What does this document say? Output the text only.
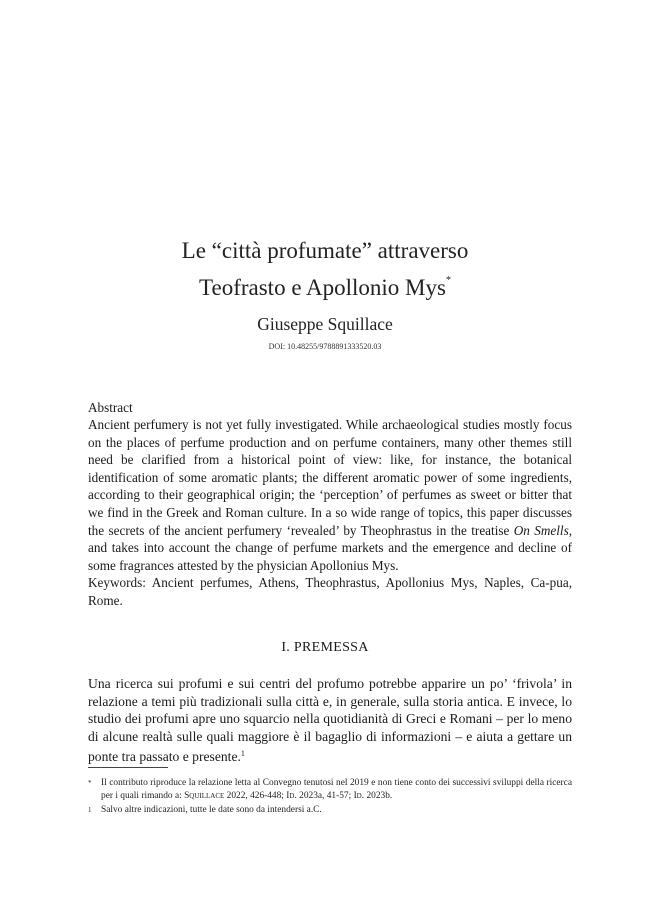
Le “città profumate” attraverso
Teofrasto e Apollonio Mys*
Giuseppe Squillace
DOI: 10.48255/9788891333520.03
Abstract
Ancient perfumery is not yet fully investigated. While archaeological studies mostly focus on the places of perfume production and on perfume containers, many other themes still need be clarified from a historical point of view: like, for instance, the botanical identification of some aromatic plants; the different aromatic power of some ingredients, according to their geographical origin; the ‘perception’ of perfumes as sweet or bitter that we find in the Greek and Roman culture. In a so wide range of topics, this paper discusses the secrets of the ancient perfumery ‘revealed’ by Theophrastus in the treatise On Smells, and takes into account the change of perfume markets and the emergence and decline of some fragrances attested by the physician Apollonius Mys.
Keywords: Ancient perfumes, Athens, Theophrastus, Apollonius Mys, Naples, Ca-pua, Rome.
I. PREMESSA
Una ricerca sui profumi e sui centri del profumo potrebbe apparire un po’ ‘frivola’ in relazione a temi più tradizionali sulla città e, in generale, sulla storia antica. E invece, lo studio dei profumi apre uno squarcio nella quotidianità di Greci e Romani – per lo meno di alcune realtà sulle quali maggiore è il bagaglio di informazioni – e aiuta a gettare un ponte tra passato e presente.$^1$
*	Il contributo riproduce la relazione letta al Convegno tenutosi nel 2019 e non tiene conto dei successivi sviluppi della ricerca per i quali rimando a: Squillace 2022, 426-448; Id. 2023a, 41-57; Id. 2023b.
1	Salvo altre indicazioni, tutte le date sono da intendersi a.C.
